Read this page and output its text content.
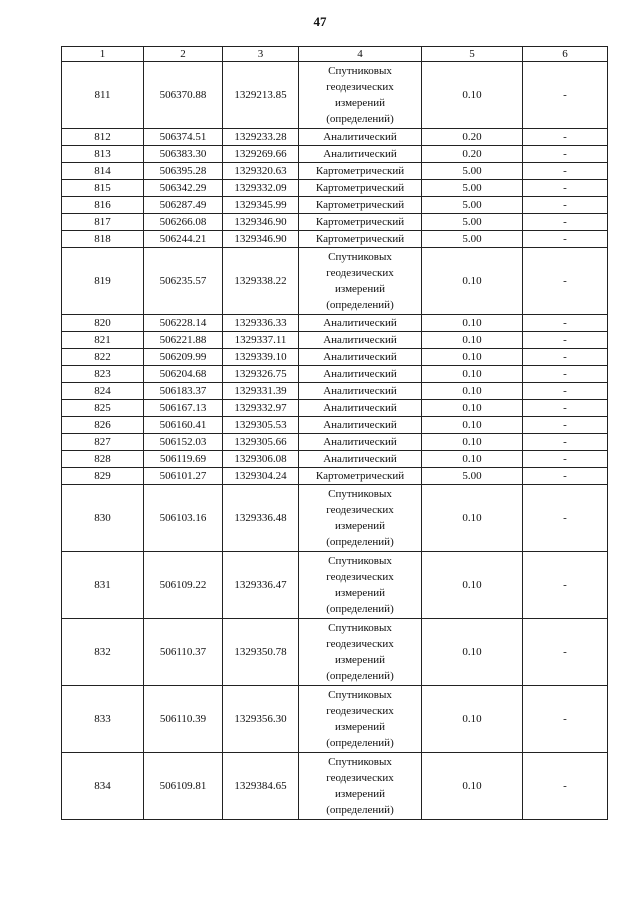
47
1	2	3	4	5	6
811	506370.88	1329213.85	Спутниковых
геодезических
измерений
(определений)	0.10	-
812	506374.51	1329233.28	Аналитический	0.20	-
813	506383.30	1329269.66	Аналитический	0.20	-
814	506395.28	1329320.63	Картометрический	5.00	-
815	506342.29	1329332.09	Картометрический	5.00	-
816	506287.49	1329345.99	Картометрический	5.00	-
817	506266.08	1329346.90	Картометрический	5.00	-
818	506244.21	1329346.90	Картометрический	5.00	-
819	506235.57	1329338.22	Спутниковых
геодезических
измерений
(определений)	0.10	-
820	506228.14	1329336.33	Аналитический	0.10	-
821	506221.88	1329337.11	Аналитический	0.10	-
822	506209.99	1329339.10	Аналитический	0.10	-
823	506204.68	1329326.75	Аналитический	0.10	-
824	506183.37	1329331.39	Аналитический	0.10	-
825	506167.13	1329332.97	Аналитический	0.10	-
826	506160.41	1329305.53	Аналитический	0.10	-
827	506152.03	1329305.66	Аналитический	0.10	-
828	506119.69	1329306.08	Аналитический	0.10	-
829	506101.27	1329304.24	Картометрический	5.00	-
830	506103.16	1329336.48	Спутниковых
геодезических
измерений
(определений)	0.10	-
831	506109.22	1329336.47	Спутниковых
геодезических
измерений
(определений)	0.10	-
832	506110.37	1329350.78	Спутниковых
геодезических
измерений
(определений)	0.10	-
833	506110.39	1329356.30	Спутниковых
геодезических
измерений
(определений)	0.10	-
834	506109.81	1329384.65	Спутниковых
геодезических
измерений
(определений)	0.10	-
